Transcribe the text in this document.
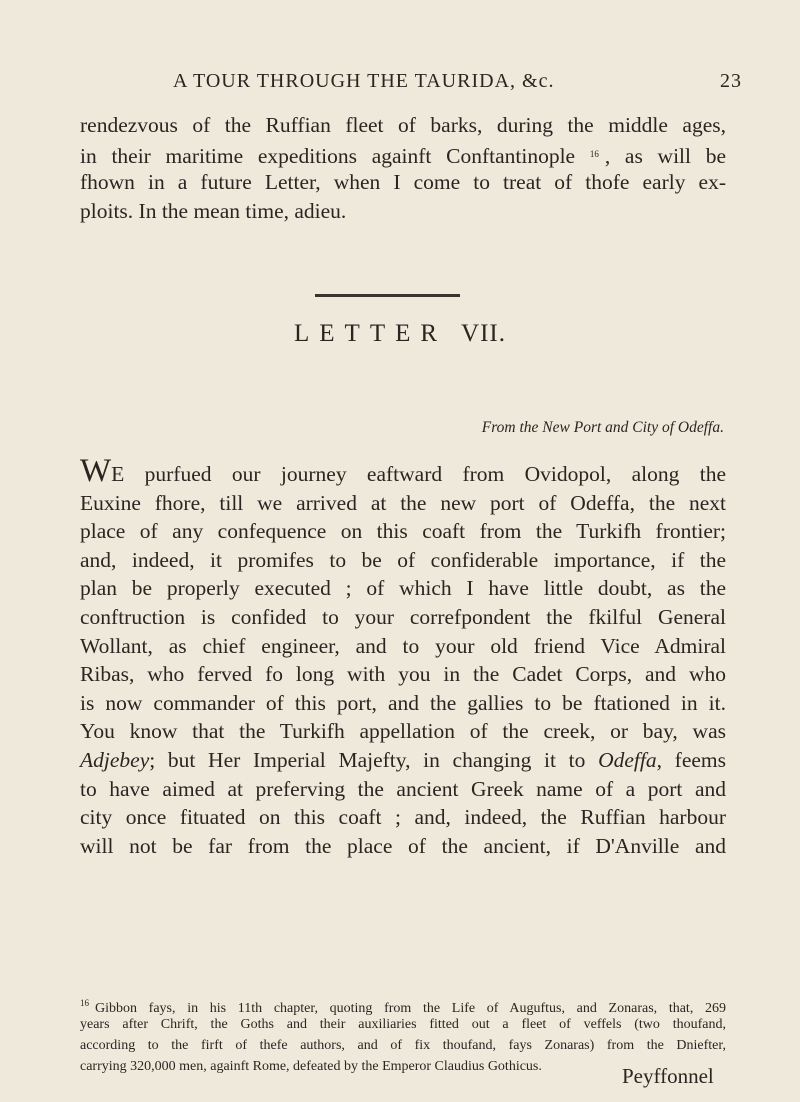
A TOUR THROUGH THE TAURIDA, &c.	23
rendezvous of the Ruffian fleet of barks, during the middle ages,
in their maritime expeditions againft Conftantinople $^{16}$ , as will be
fhown in a future Letter, when I come to treat of thofe early ex-
ploits. In the mean time, adieu.
LETTER VII.
From the New Port and City of Odeffa.
WE purfued our journey eaftward from Ovidopol, along the
Euxine fhore, till we arrived at the new port of Odeffa, the next
place of any confequence on this coaft from the Turkifh frontier;
and, indeed, it promifes to be of confiderable importance, if the
plan be properly executed ; of which I have little doubt, as the
conftruction is confided to your correfpondent the fkilful General
Wollant, as chief engineer, and to your old friend Vice Admiral
Ribas, who ferved fo long with you in the Cadet Corps, and who
is now commander of this port, and the gallies to be ftationed in it.
You know that the Turkifh appellation of the creek, or bay, was
Adjebey; but Her Imperial Majefty, in changing it to Odeffa, feems
to have aimed at preferving the ancient Greek name of a port and
city once fituated on this coaft ; and, indeed, the Ruffian harbour
will not be far from the place of the ancient, if D'Anville and
$^{16}$ Gibbon fays, in his 11th chapter, quoting from the Life of Auguftus, and Zonaras, that, 269
years after Chrift, the Goths and their auxiliaries fitted out a fleet of veffels (two thoufand,
according to the firft of thefe authors, and of fix thoufand, fays Zonaras) from the Dniefter,
carrying 320,000 men, againft Rome, defeated by the Emperor Claudius Gothicus.	Peyffonnel
